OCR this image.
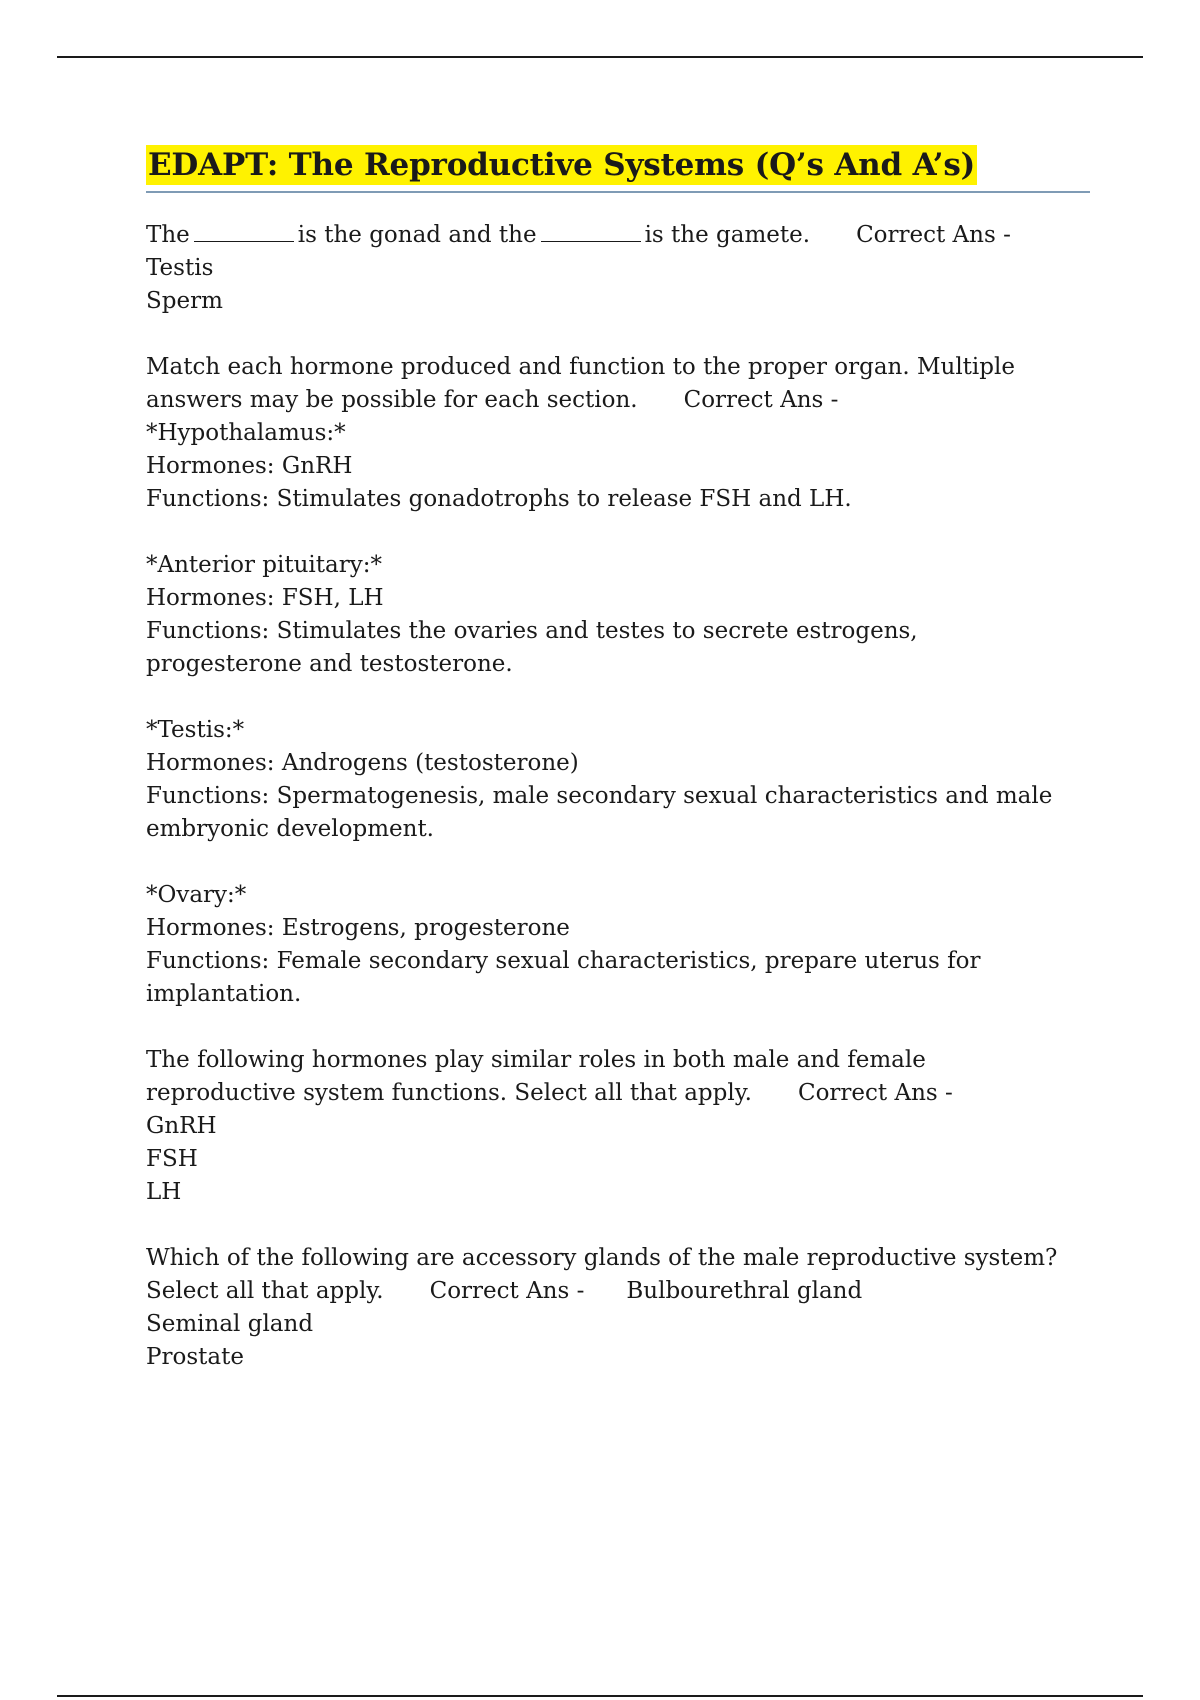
EDAPT: The Reproductive Systems (Q’s And A’s)
The	is the gonad and the	is the gamete. Correct Ans -
Testis
Sperm
Match each hormone produced and function to the proper organ. Multiple
answers may be possible for each section. Correct Ans -
*Hypothalamus:*
Hormones: GnRH
Functions: Stimulates gonadotrophs to release FSH and LH.
*Anterior pituitary:*
Hormones: FSH, LH
Functions: Stimulates the ovaries and testes to secrete estrogens,
progesterone and testosterone.
*Testis:*
Hormones: Androgens (testosterone)
Functions: Spermatogenesis, male secondary sexual characteristics and male
embryonic development.
*Ovary:*
Hormones: Estrogens, progesterone
Functions: Female secondary sexual characteristics, prepare uterus for
implantation.
The following hormones play similar roles in both male and female
reproductive system functions. Select all that apply. Correct Ans -
GnRH
FSH
LH
Which of the following are accessory glands of the male reproductive system?
Select all that apply. Correct Ans - Bulbourethral gland
Seminal gland
Prostate
